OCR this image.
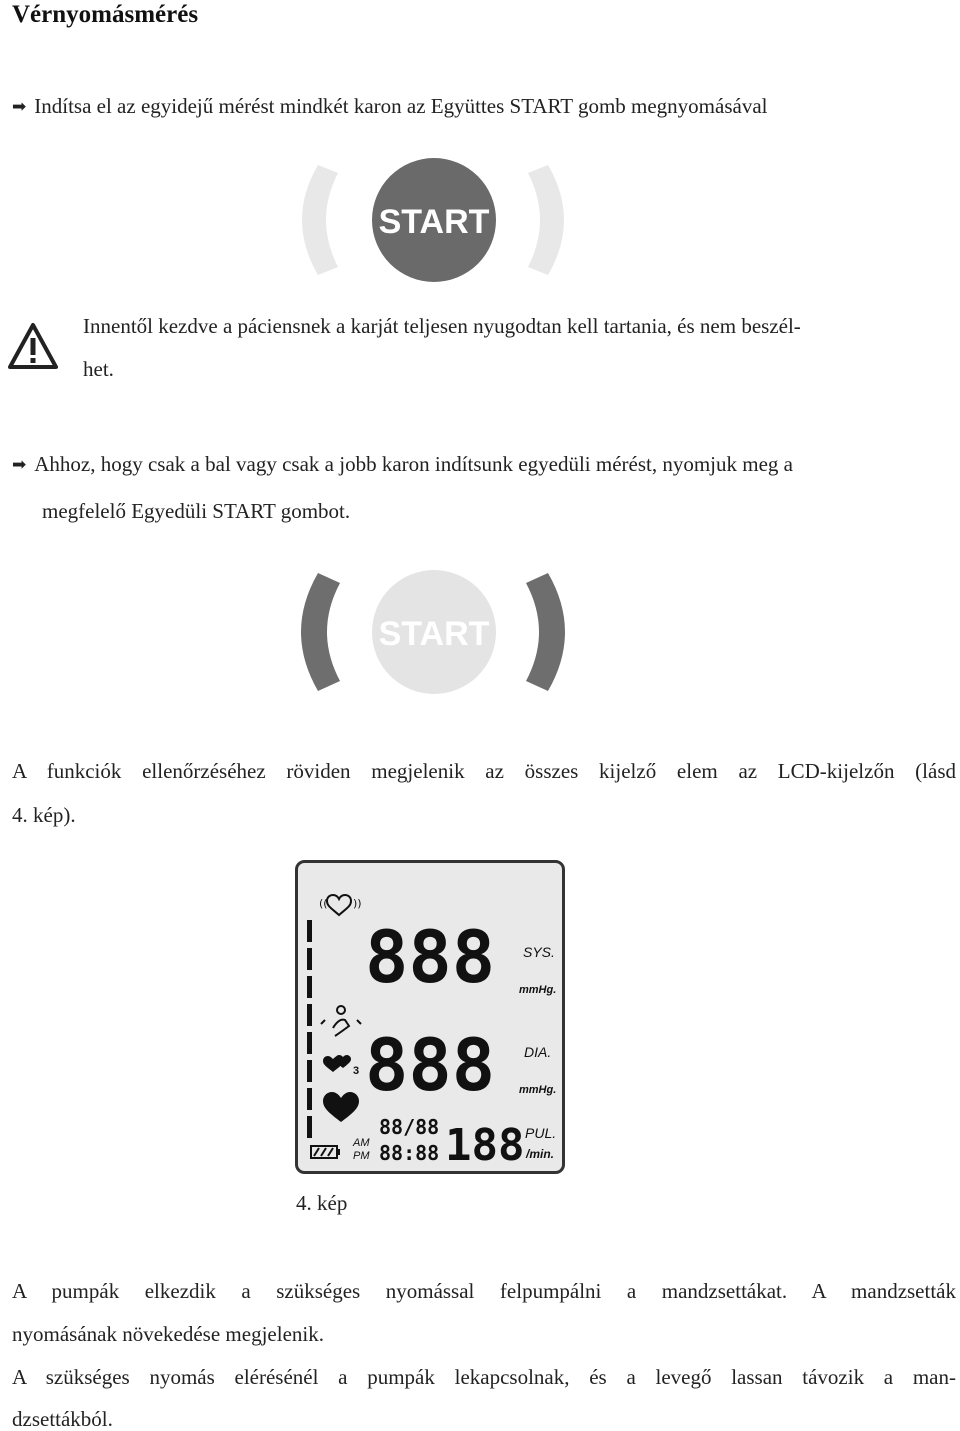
Vérnyomásmérés

➡ Indítsa el az egyidejű mérést mindkét karon az Együttes START gomb megnyomásával

START

Innentől kezdve a páciensnek a karját teljesen nyugodtan kell tartania, és nem beszél-

het.

➡ Ahhoz, hogy csak a bal vagy csak a jobb karon indítsunk egyedüli mérést, nyomjuk meg a

megfelelő Egyedüli START gombot.

START

A funkciók ellenőrzéséhez röviden megjelenik az összes kijelző elem az LCD-kijelzőn (lásd

4. kép).

(( ))
3
888
888
88/88
88:88 188
AM
PM
SYS.
mmHg.
DIA.
mmHg.
PUL.
/min.

4. kép

A pumpák elkezdik a szükséges nyomással felpumpálni a mandzsettákat. A mandzsetták

nyomásának növekedése megjelenik.

A szükséges nyomás elérésénél a pumpák lekapcsolnak, és a levegő lassan távozik a man-

dzsettákból.
